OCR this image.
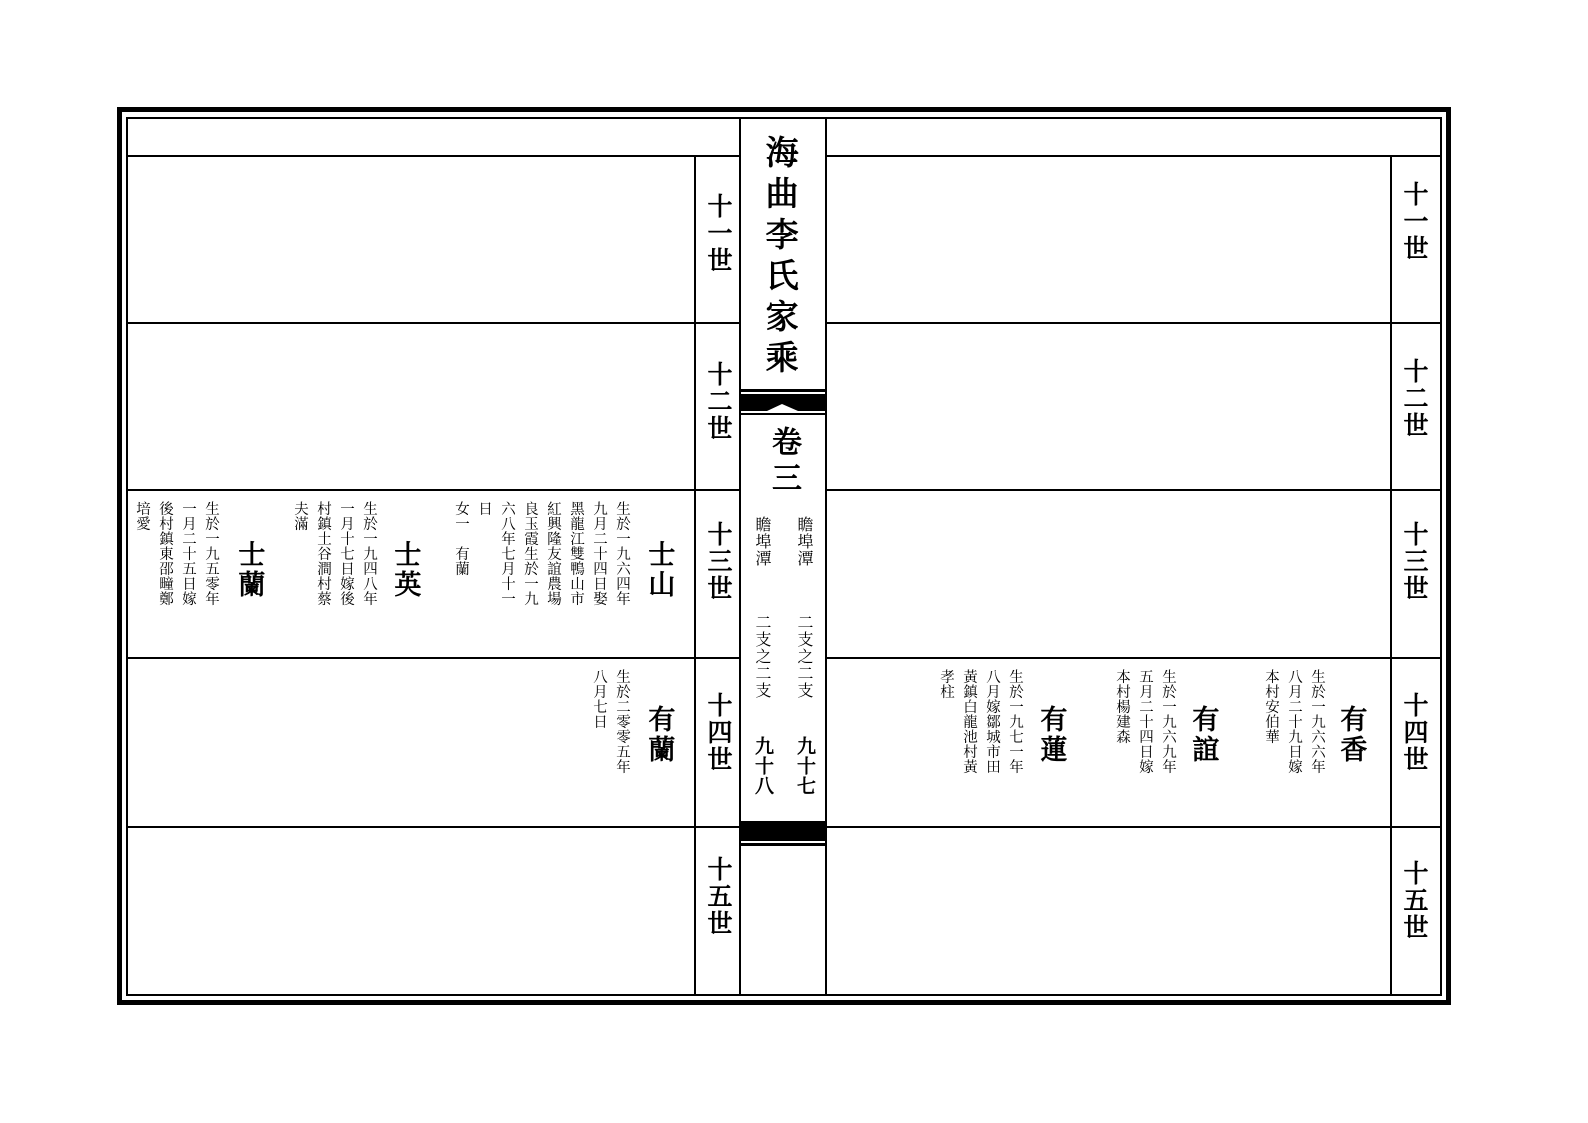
海曲李氏家乘
卷三
瞻埠潭
二支之二支
九十七
瞻埠潭
二支之二支
九十八
十一世
十二世
十三世
十四世
十五世
十一世
十二世
十三世
十四世
十五世
士山
生於一九六四年
九月二十四日娶
黑龍江雙鴨山市
紅興隆友誼農場
良玉霞生於一九
六八年七月十一
日
女一　有蘭
士英
生於一九四八年
一月十七日嫁後
村鎮土谷澗村蔡
夫滿
士蘭
生於一九五零年
一月二十五日嫁
後村鎮東邵疃鄭
培愛
有蘭
生於二零零五年
八月七日
有香
生於一九六六年
八月二十九日嫁
本村安伯華
有誼
生於一九六九年
五月二十四日嫁
本村楊建森
有蓮
生於一九七一年
八月嫁鄒城市田
黃鎮白龍池村黃
孝柱
